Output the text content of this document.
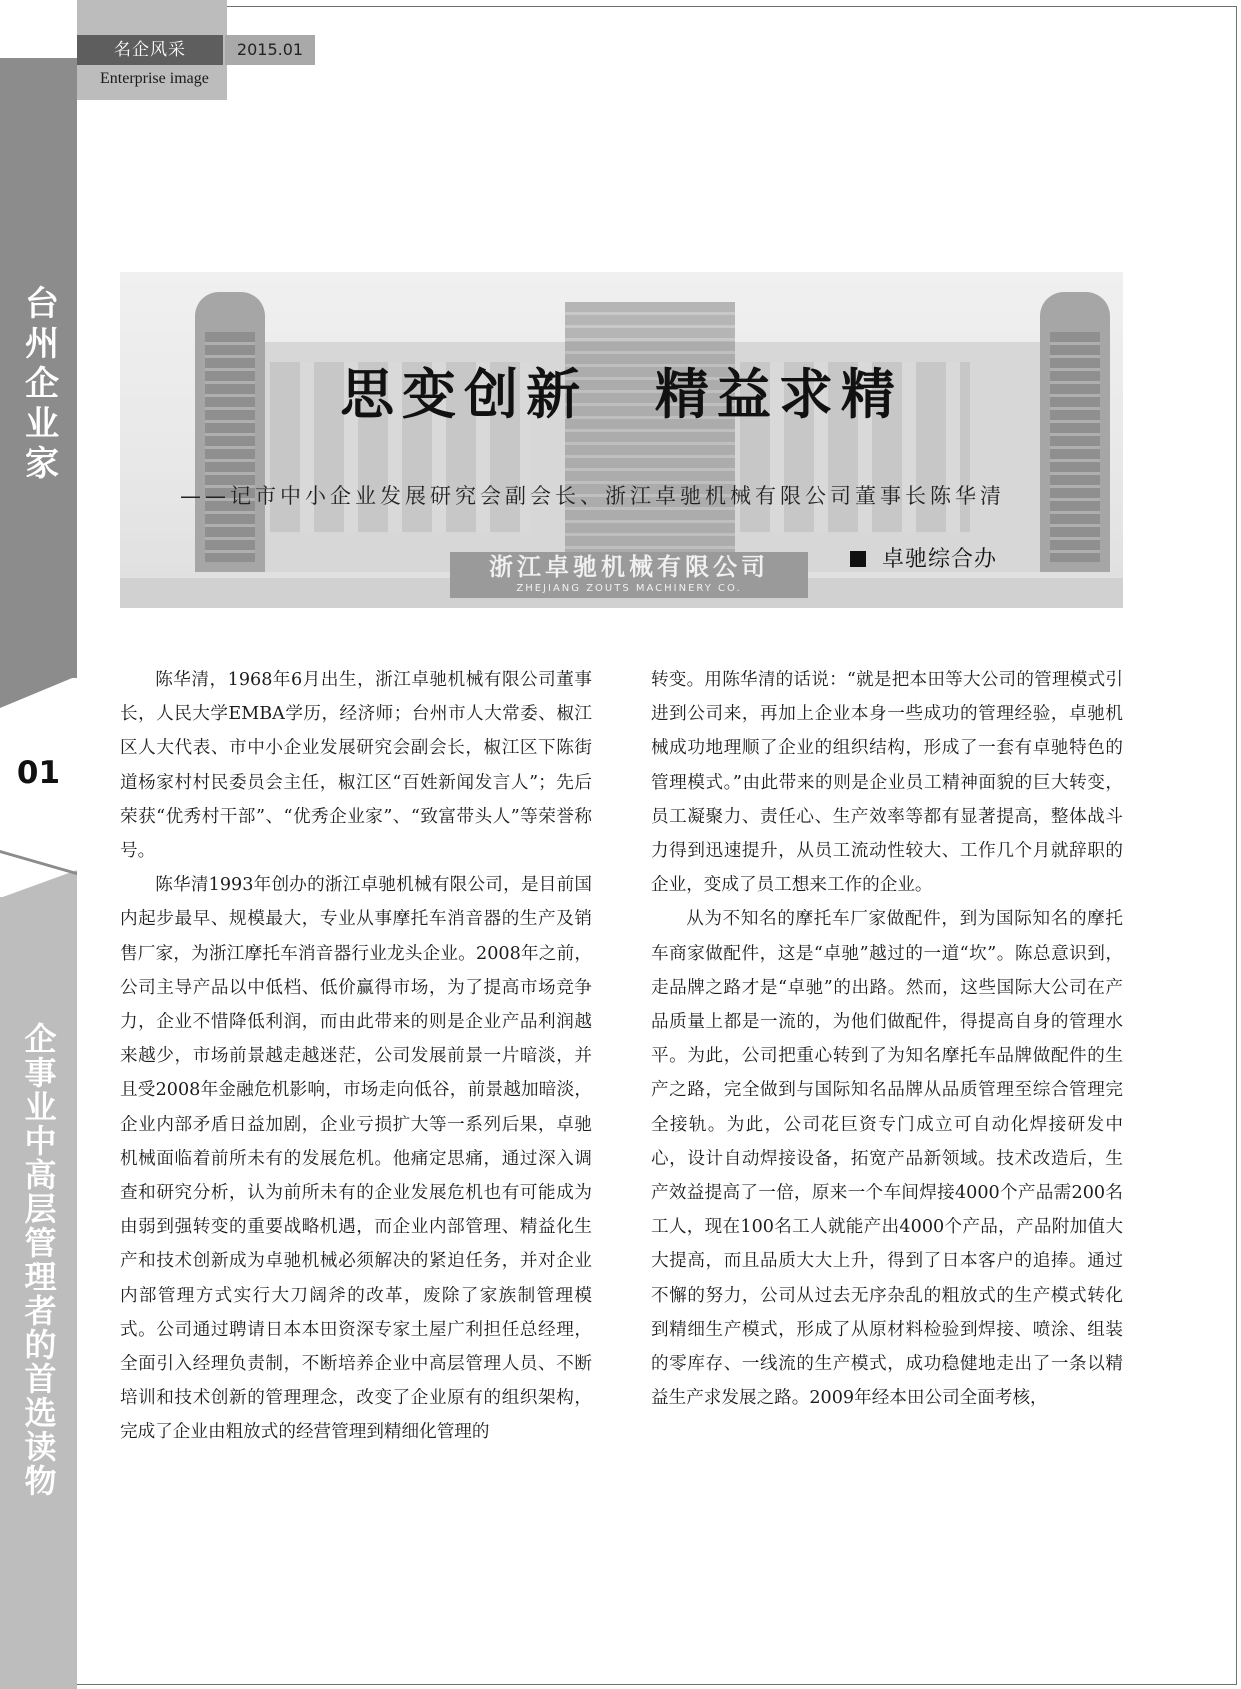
名企风采	2015.01
Enterprise image
台
州
企
业
家
01
企
事
业
中
高
层
管
理
者
的
首
选
读
物
浙江卓驰机械有限公司
ZHEJIANG ZOUTS MACHINERY CO.
思变创新 精益求精
——记市中小企业发展研究会副会长、浙江卓驰机械有限公司董事长陈华清
卓驰综合办

陈华清，1968年6月出生，浙江卓驰机械有限公司董事长，人民大学EMBA学历，经济师；台州市人大常委、椒江区人大代表、市中小企业发展研究会副会长，椒江区下陈街道杨家村村民委员会主任，椒江区“百姓新闻发言人”；先后荣获“优秀村干部”、“优秀企业家”、“致富带头人”等荣誉称号。

陈华清1993年创办的浙江卓驰机械有限公司，是目前国内起步最早、规模最大，专业从事摩托车消音器的生产及销售厂家，为浙江摩托车消音器行业龙头企业。2008年之前，公司主导产品以中低档、低价赢得市场，为了提高市场竞争力，企业不惜降低利润，而由此带来的则是企业产品利润越来越少，市场前景越走越迷茫，公司发展前景一片暗淡，并且受2008年金融危机影响，市场走向低谷，前景越加暗淡，企业内部矛盾日益加剧，企业亏损扩大等一系列后果，卓驰机械面临着前所未有的发展危机。他痛定思痛，通过深入调查和研究分析，认为前所未有的企业发展危机也有可能成为由弱到强转变的重要战略机遇，而企业内部管理、精益化生产和技术创新成为卓驰机械必须解决的紧迫任务，并对企业内部管理方式实行大刀阔斧的改革，废除了家族制管理模式。公司通过聘请日本本田资深专家土屋广利担任总经理，全面引入经理负责制，不断培养企业中高层管理人员、不断培训和技术创新的管理理念，改变了企业原有的组织架构，完成了企业由粗放式的经营管理到精细化管理的

转变。用陈华清的话说：“就是把本田等大公司的管理模式引进到公司来，再加上企业本身一些成功的管理经验，卓驰机械成功地理顺了企业的组织结构，形成了一套有卓驰特色的管理模式。”由此带来的则是企业员工精神面貌的巨大转变，员工凝聚力、责任心、生产效率等都有显著提高，整体战斗力得到迅速提升，从员工流动性较大、工作几个月就辞职的企业，变成了员工想来工作的企业。

从为不知名的摩托车厂家做配件，到为国际知名的摩托车商家做配件，这是“卓驰”越过的一道“坎”。陈总意识到，走品牌之路才是“卓驰”的出路。然而，这些国际大公司在产品质量上都是一流的，为他们做配件，得提高自身的管理水平。为此，公司把重心转到了为知名摩托车品牌做配件的生产之路，完全做到与国际知名品牌从品质管理至综合管理完全接轨。为此，公司花巨资专门成立可自动化焊接研发中心，设计自动焊接设备，拓宽产品新领域。技术改造后，生产效益提高了一倍，原来一个车间焊接4000个产品需200名工人，现在100名工人就能产出4000个产品，产品附加值大大提高，而且品质大大上升，得到了日本客户的追捧。通过不懈的努力，公司从过去无序杂乱的粗放式的生产模式转化到精细生产模式，形成了从原材料检验到焊接、喷涂、组装的零库存、一线流的生产模式，成功稳健地走出了一条以精益生产求发展之路。2009年经本田公司全面考核，
